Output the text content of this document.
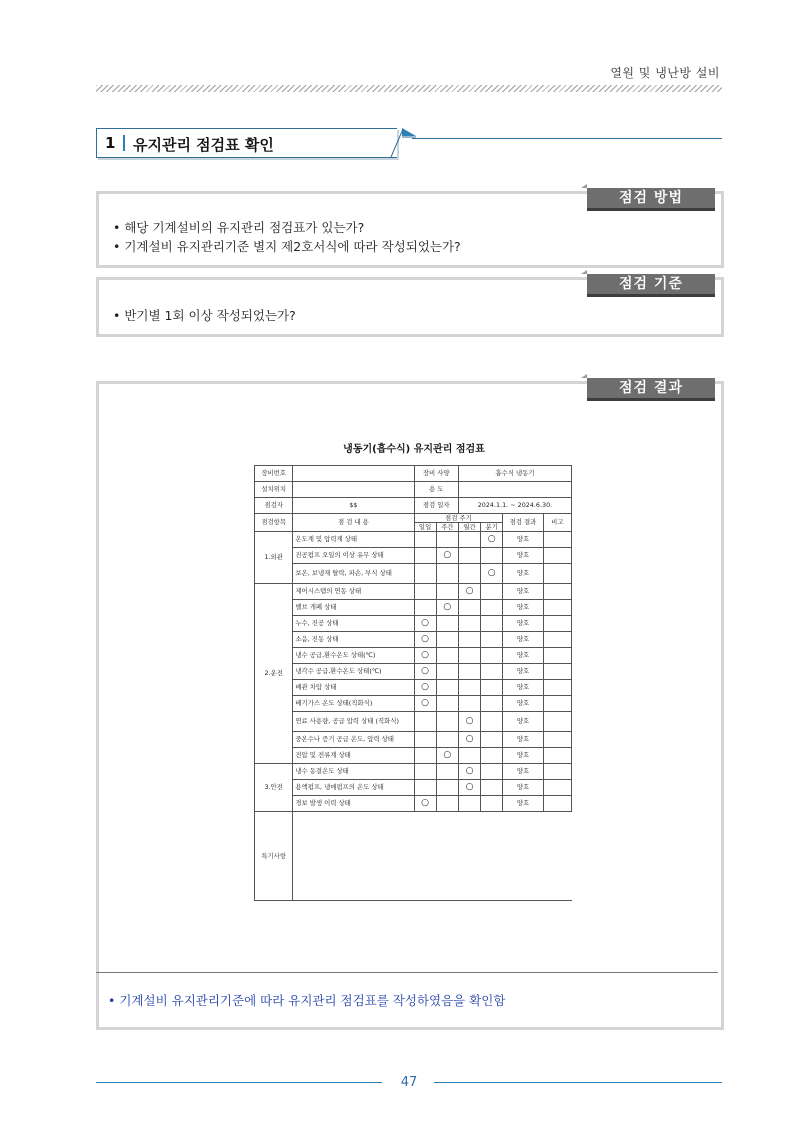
열원 및 냉난방 설비
1 유지관리 점검표 확인
점검 방법
• 해당 기계설비의 유지관리 점검표가 있는가?
• 기계설비 유지관리기준 별지 제2호서식에 따라 작성되었는가?
점검 기준
• 반기별 1회 이상 작성되었는가?
점검 결과
냉동기(흡수식) 유지관리 점검표
장비번호		장비 사양		흡수식 냉동기			
설치위치		용 도					
점검자	$$	점검 일자		2024.1.1. ~ 2024.6.30.			
점검항목	점 검 내 용	점검 주기				점검 결과	비고
		일일	주간	월간	분기		
1.외관	온도계 및 압력계 상태				○	양호	
	진공펌프 오일의 이상 유무 상태		○			양호	
	보온, 보냉재 탈락, 파손, 부식 상태				○	양호	
2.운전	제어시스템의 연동 상태			○		양호	
	밸브 개폐 상태		○			양호	
	누수, 진공 상태	○				양호	
	소음, 진동 상태	○				양호	
	냉수 공급,환수온도 상태(℃)	○				양호	
	냉각수 공급,환수온도 상태(℃)	○				양호	
	배관 차압 상태	○				양호	
	배기가스 온도 상태(직화식)	○				양호	
	연료 사용량, 공급 압력 상태 (직화식)			○		양호	
	중온수나 증기 공급 온도, 압력 상태			○		양호	
	전압 및 전류계 상태		○			양호	
3.안전	냉수 동결온도 상태			○		양호	
	용액펌프, 냉매펌프의 온도 상태			○		양호	
	경보 발생 이력 상태	○				양호	
특기사항							
• 기계설비 유지관리기준에 따라 유지관리 점검표를 작성하였음을 확인함
47
